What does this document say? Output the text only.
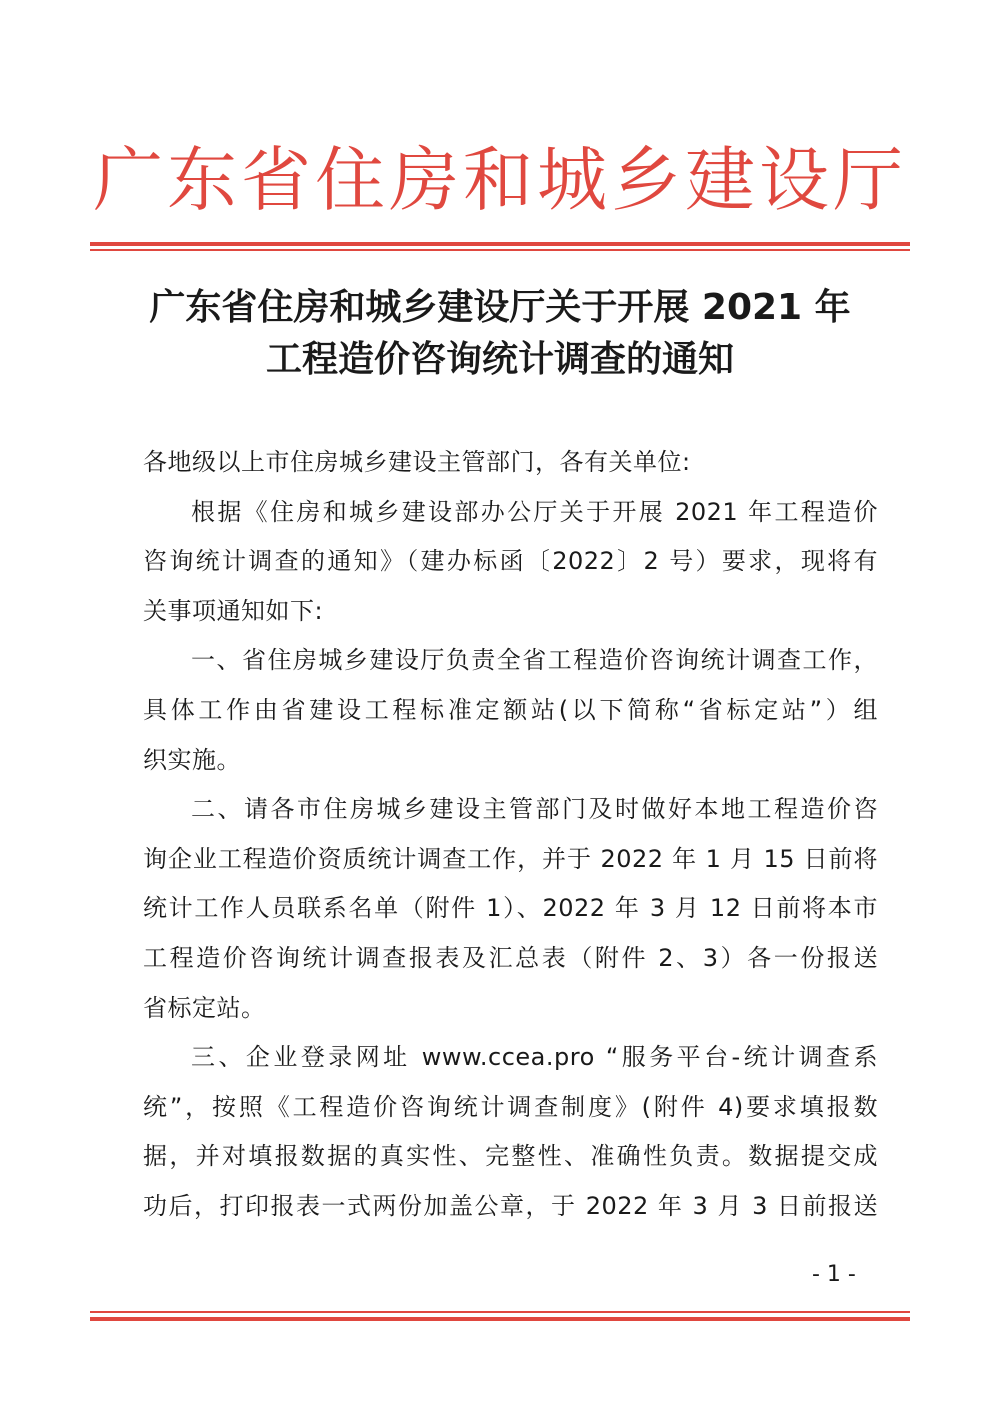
广东省住房和城乡建设厅
广东省住房和城乡建设厅关于开展 2021 年
工程造价咨询统计调查的通知

各地级以上市住房城乡建设主管部门，各有关单位:

根据《住房和城乡建设部办公厅关于开展 2021 年工程造价
咨询统计调查的通知》（建办标函〔2022〕2 号）要求，现将有
关事项通知如下:

一、省住房城乡建设厅负责全省工程造价咨询统计调查工作，
具体工作由省建设工程标准定额站(以下简称“省标定站”）组
织实施。

二、请各市住房城乡建设主管部门及时做好本地工程造价咨
询企业工程造价资质统计调查工作，并于 2022 年 1 月 15 日前将
统计工作人员联系名单（附件 1）、2022 年 3 月 12 日前将本市
工程造价咨询统计调查报表及汇总表（附件 2、3）各一份报送
省标定站。

三、企业登录网址 www.ccea.pro “服务平台-统计调查系
统”，按照《工程造价咨询统计调查制度》(附件 4)要求填报数
据，并对填报数据的真实性、完整性、准确性负责。数据提交成
功后，打印报表一式两份加盖公章，于 2022 年 3 月 3 日前报送

- 1 -
